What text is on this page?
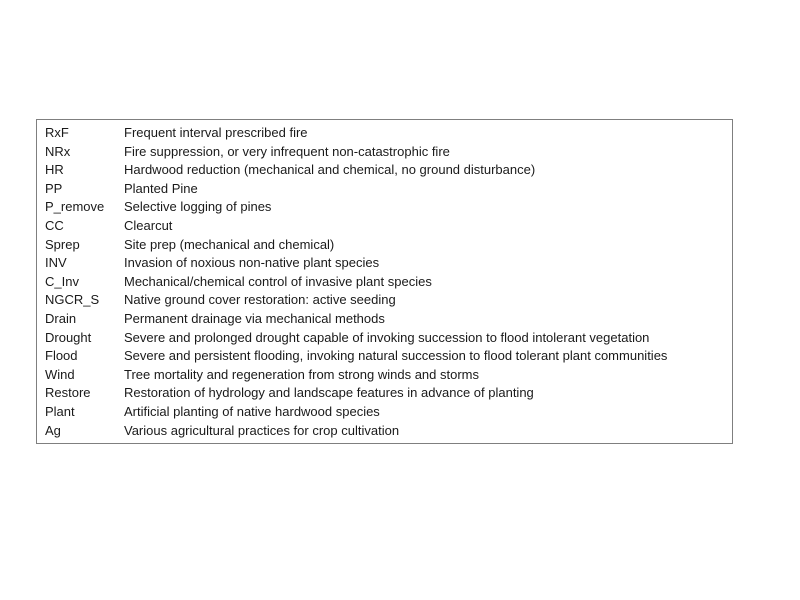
RxF	Frequent interval prescribed fire
NRx	Fire suppression, or very infrequent non-catastrophic fire
HR	Hardwood reduction (mechanical and chemical, no ground disturbance)
PP	Planted Pine
P_remove	Selective logging of pines
CC	Clearcut
Sprep	Site prep (mechanical and chemical)
INV	Invasion of noxious non-native plant species
C_Inv	Mechanical/chemical control of invasive plant species
NGCR_S	Native ground cover restoration: active seeding
Drain	Permanent drainage via mechanical methods
Drought	Severe and prolonged drought capable of invoking succession to flood intolerant vegetation
Flood	Severe and persistent flooding, invoking natural succession to flood tolerant plant communities
Wind	Tree mortality and regeneration from strong winds and storms
Restore	Restoration of hydrology and landscape features in advance of planting
Plant	Artificial planting of native hardwood species
Ag	Various agricultural practices for crop cultivation
